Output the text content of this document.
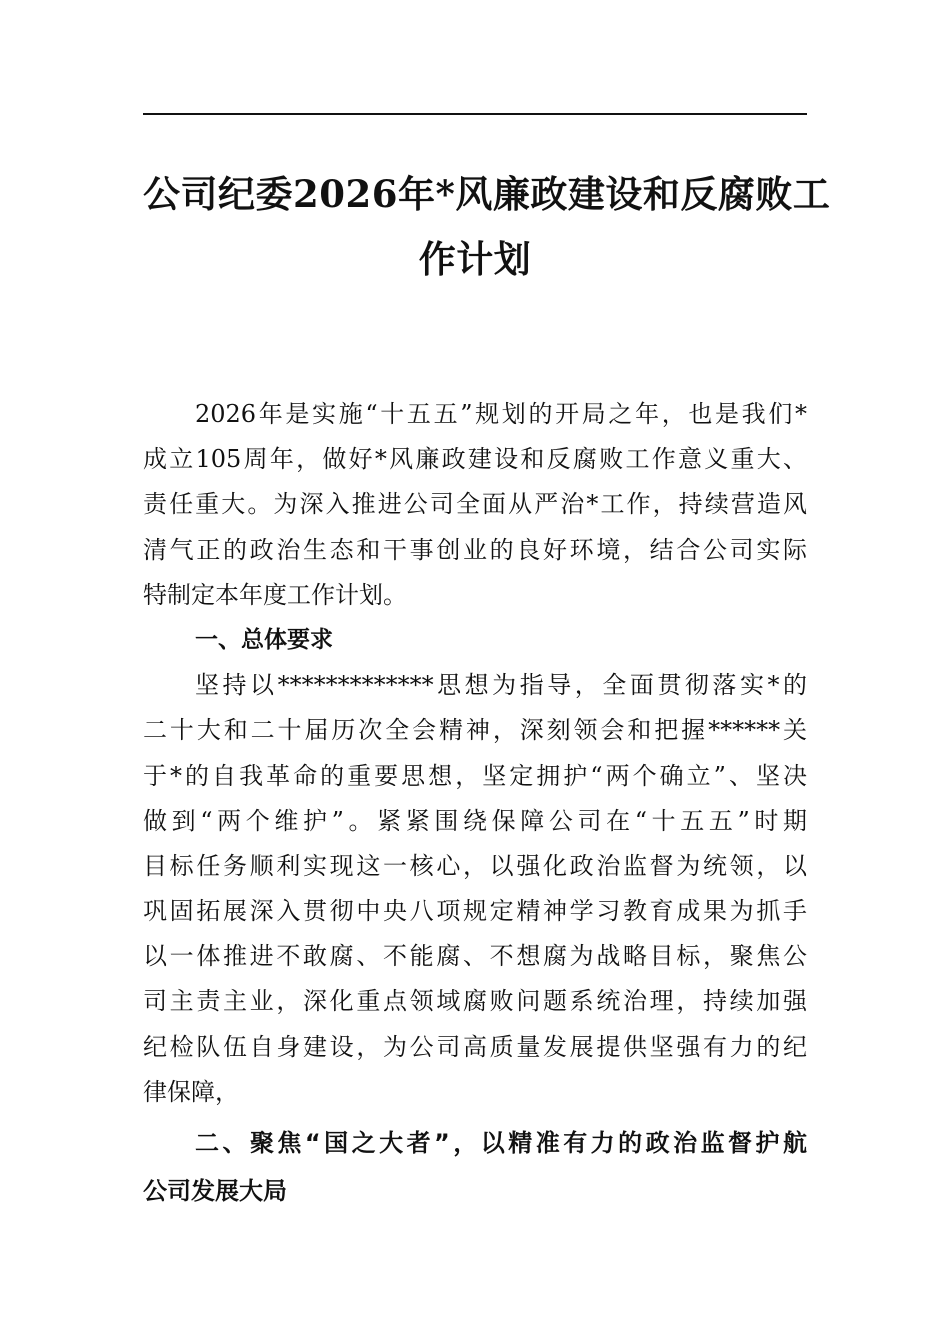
公司纪委2026年*风廉政建设和反腐败工
作计划
2026年是实施“十五五”规划的开局之年，也是我们*
成立105周年，做好*风廉政建设和反腐败工作意义重大、
责任重大。为深入推进公司全面从严治*工作，持续营造风
清气正的政治生态和干事创业的良好环境，结合公司实际
特制定本年度工作计划。
一、总体要求
坚持以*************思想为指导，全面贯彻落实*的
二十大和二十届历次全会精神，深刻领会和把握******关
于*的自我革命的重要思想，坚定拥护“两个确立”、坚决
做到“两个维护”。紧紧围绕保障公司在“十五五”时期
目标任务顺利实现这一核心，以强化政治监督为统领，以
巩固拓展深入贯彻中央八项规定精神学习教育成果为抓手
以一体推进不敢腐、不能腐、不想腐为战略目标，聚焦公
司主责主业，深化重点领域腐败问题系统治理，持续加强
纪检队伍自身建设，为公司高质量发展提供坚强有力的纪
律保障，
二、聚焦“国之大者”，以精准有力的政治监督护航
公司发展大局
